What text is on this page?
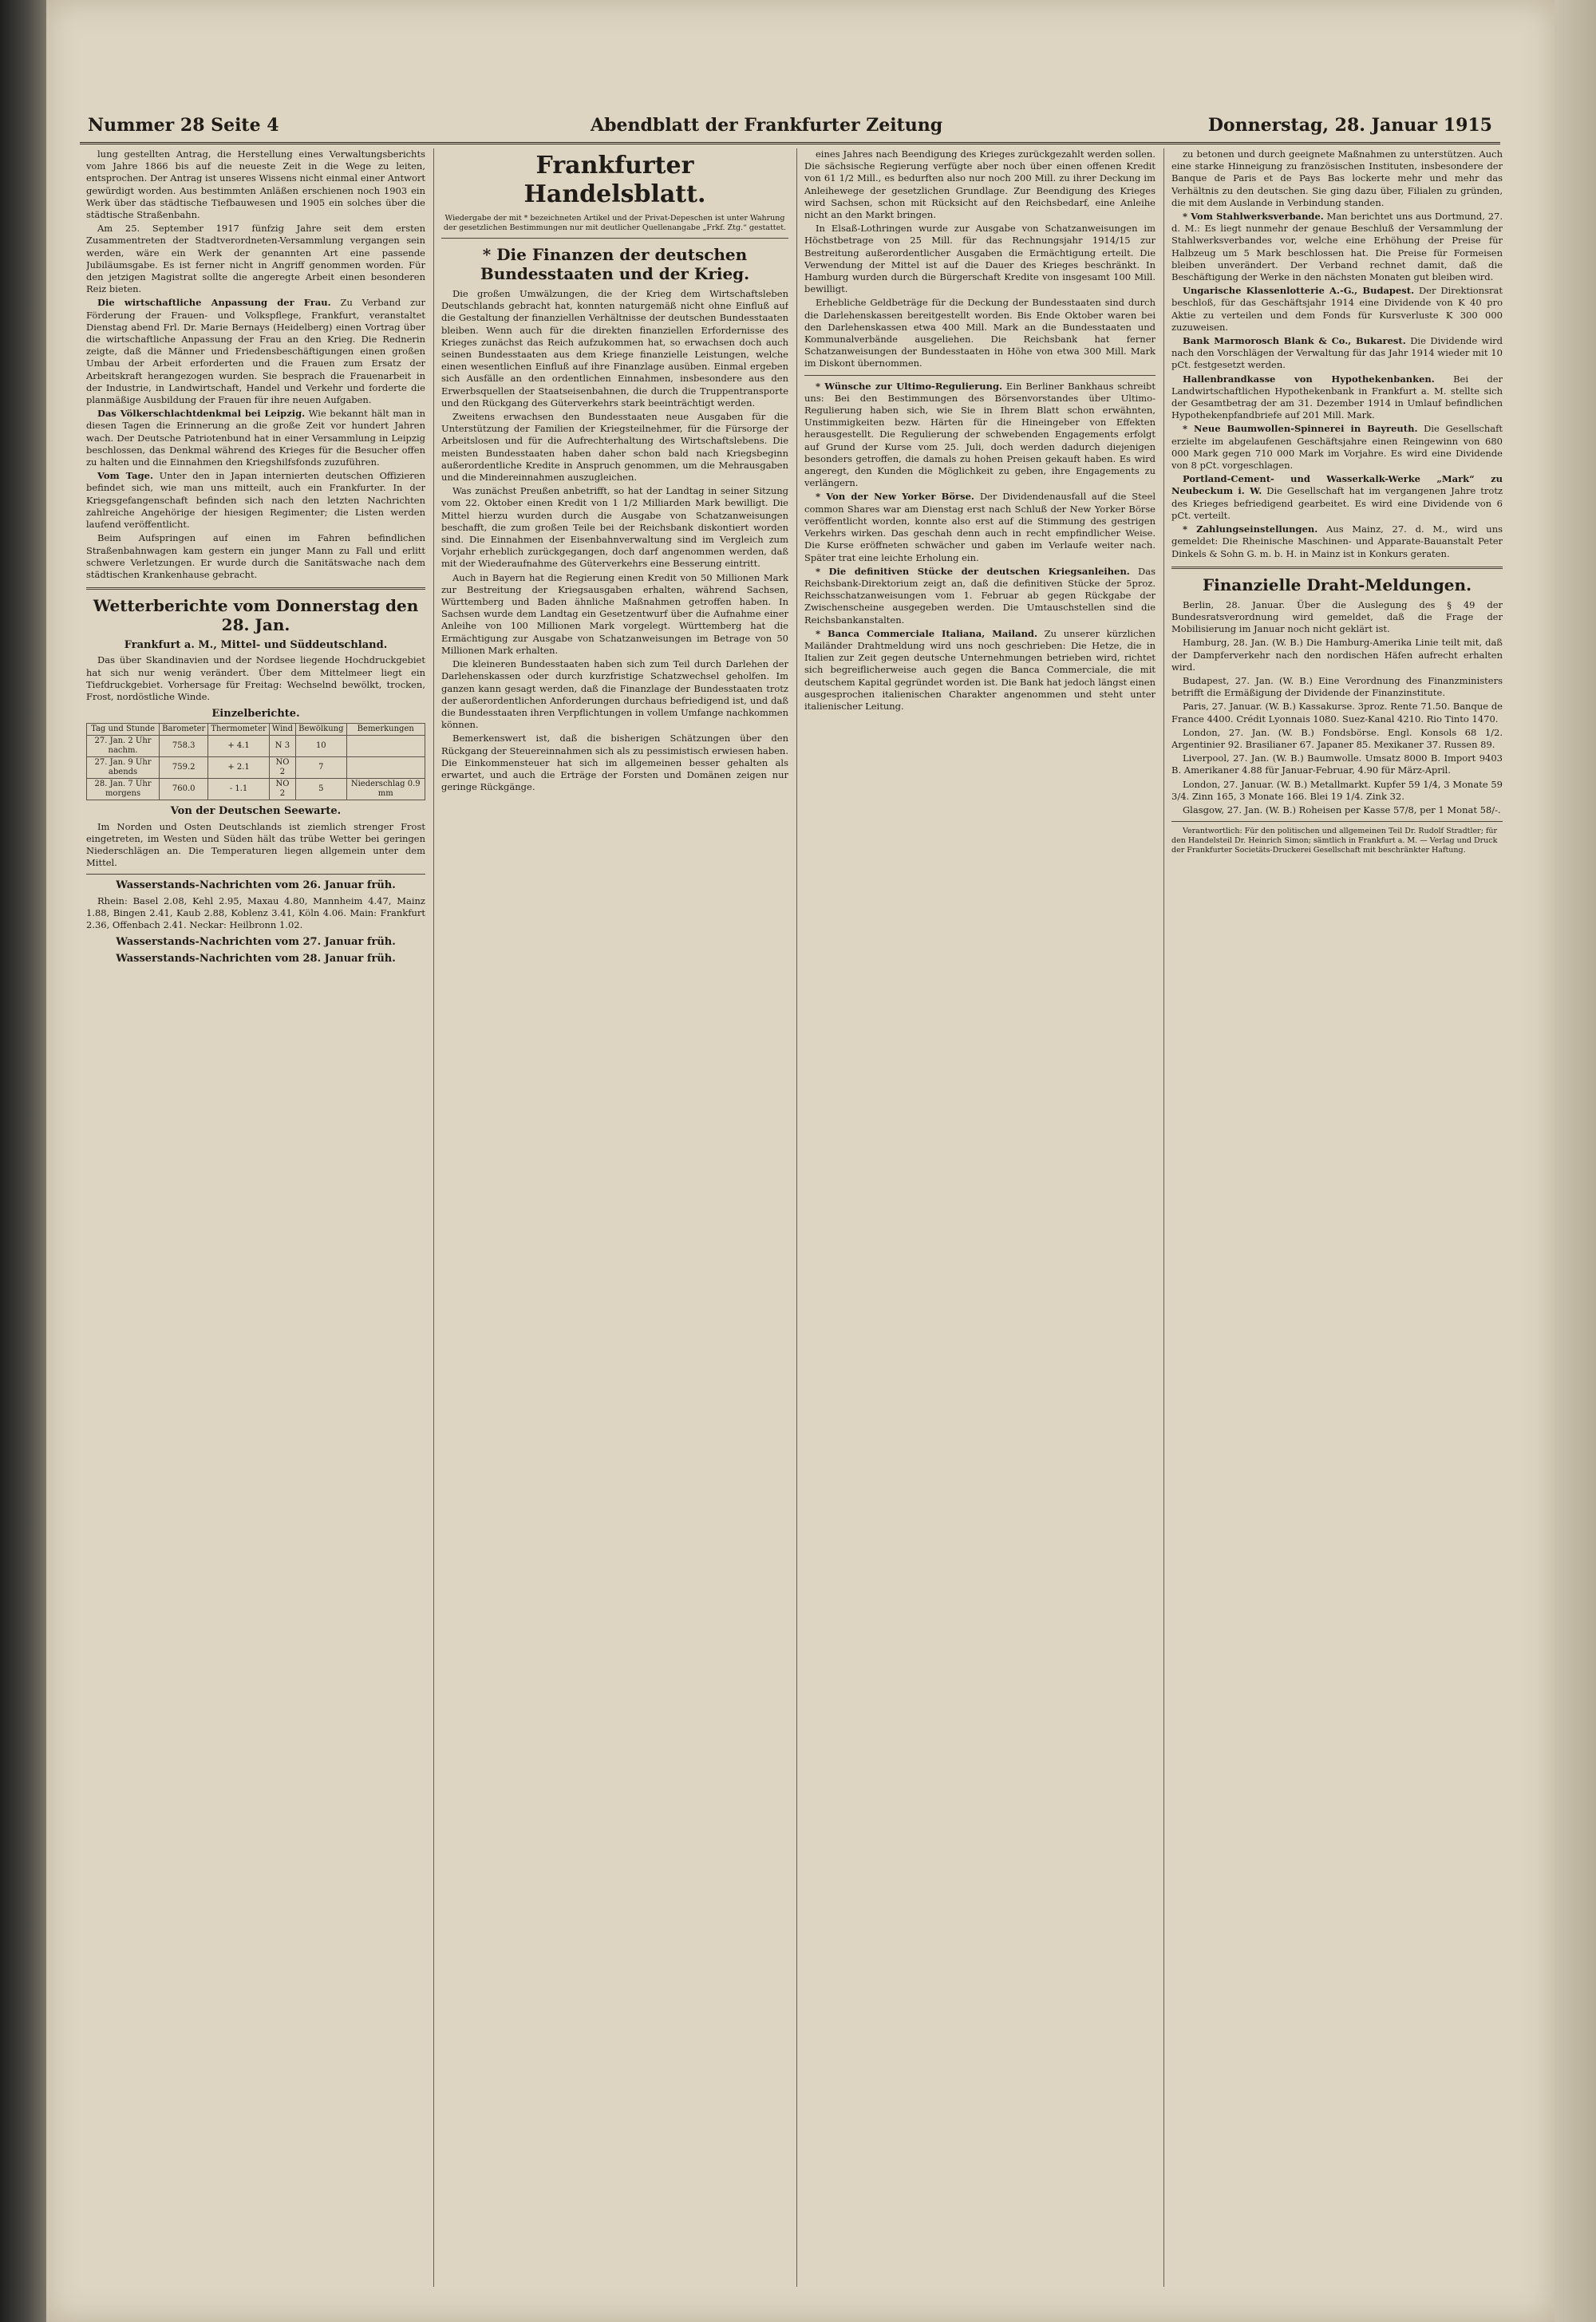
Nummer 28 Seite 4	Abendblatt der Frankfurter Zeitung	Donnerstag, 28. Januar 1915

lung gestellten Antrag, die Herstellung eines Verwaltungsberichts vom Jahre 1866 bis auf die neueste Zeit in die Wege zu leiten, entsprochen. Der Antrag ist unseres Wissens nicht einmal einer Antwort gewürdigt worden. Aus bestimmten Anläßen erschienen noch 1903 ein Werk über das städtische Tiefbauwesen und 1905 ein solches über die städtische Straßenbahn.

Am 25. September 1917 fünfzig Jahre seit dem ersten Zusammentreten der Stadtverordneten-Versammlung vergangen sein werden, wäre ein Werk der genannten Art eine passende Jubiläumsgabe. Es ist ferner nicht in Angriff genommen worden. Für den jetzigen Magistrat sollte die angeregte Arbeit einen besonderen Reiz bieten.

Die wirtschaftliche Anpassung der Frau. Zu Verband zur Förderung der Frauen- und Volkspflege, Frankfurt, veranstaltet Dienstag abend Frl. Dr. Marie Bernays (Heidelberg) einen Vortrag über die wirtschaftliche Anpassung der Frau an den Krieg. Die Rednerin zeigte, daß die Männer und Friedensbeschäftigungen einen großen Umbau der Arbeit erforderten und die Frauen zum Ersatz der Arbeitskraft herangezogen wurden. Sie besprach die Frauenarbeit in der Industrie, in Landwirtschaft, Handel und Verkehr und forderte die planmäßige Ausbildung der Frauen für ihre neuen Aufgaben.

Das Völkerschlachtdenkmal bei Leipzig. Wie bekannt hält man in diesen Tagen die Erinnerung an die große Zeit vor hundert Jahren wach. Der Deutsche Patriotenbund hat in einer Versammlung in Leipzig beschlossen, das Denkmal während des Krieges für die Besucher offen zu halten und die Einnahmen den Kriegshilfsfonds zuzuführen.

Vom Tage. Unter den in Japan internierten deutschen Offizieren befindet sich, wie man uns mitteilt, auch ein Frankfurter. In der Kriegsgefangenschaft befinden sich nach den letzten Nachrichten zahlreiche Angehörige der hiesigen Regimenter; die Listen werden laufend veröffentlicht.

Beim Aufspringen auf einen im Fahren befindlichen Straßenbahnwagen kam gestern ein junger Mann zu Fall und erlitt schwere Verletzungen. Er wurde durch die Sanitätswache nach dem städtischen Krankenhause gebracht.

Wetterberichte vom Donnerstag den 28. Jan.
Frankfurt a. M., Mittel- und Süddeutschland.

Das über Skandinavien und der Nordsee liegende Hochdruckgebiet hat sich nur wenig verändert. Über dem Mittelmeer liegt ein Tiefdruckgebiet. Vorhersage für Freitag: Wechselnd bewölkt, trocken, Frost, nordöstliche Winde.

Einzelberichte.
Tag und Stunde	Barometer	Thermometer	Wind	Bewölkung	Bemerkungen
27. Jan. 2 Uhr nachm.	758.3	+ 4.1	N 3	10	
27. Jan. 9 Uhr abends	759.2	+ 2.1	NO 2	7	
28. Jan. 7 Uhr morgens	760.0	- 1.1	NO 2	5	Niederschlag 0.9 mm
Von der Deutschen Seewarte.

Im Norden und Osten Deutschlands ist ziemlich strenger Frost eingetreten, im Westen und Süden hält das trübe Wetter bei geringen Niederschlägen an. Die Temperaturen liegen allgemein unter dem Mittel.

Wasserstands-Nachrichten vom 26. Januar früh.

Rhein: Basel 2.08, Kehl 2.95, Maxau 4.80, Mannheim 4.47, Mainz 1.88, Bingen 2.41, Kaub 2.88, Koblenz 3.41, Köln 4.06. Main: Frankfurt 2.36, Offenbach 2.41. Neckar: Heilbronn 1.02.

Wasserstands-Nachrichten vom 27. Januar früh.
Wasserstands-Nachrichten vom 28. Januar früh.
Frankfurter Handelsblatt.
Wiedergabe der mit * bezeichneten Artikel und der Privat-Depeschen ist unter Wahrung der gesetzlichen Bestimmungen nur mit deutlicher Quellenangabe „Frkf. Ztg.“ gestattet.
* Die Finanzen der deutschen Bundesstaaten und der Krieg.

Die großen Umwälzungen, die der Krieg dem Wirtschaftsleben Deutschlands gebracht hat, konnten naturgemäß nicht ohne Einfluß auf die Gestaltung der finanziellen Verhältnisse der deutschen Bundesstaaten bleiben. Wenn auch für die direkten finanziellen Erfordernisse des Krieges zunächst das Reich aufzukommen hat, so erwachsen doch auch seinen Bundesstaaten aus dem Kriege finanzielle Leistungen, welche einen wesentlichen Einfluß auf ihre Finanzlage ausüben. Einmal ergeben sich Ausfälle an den ordentlichen Einnahmen, insbesondere aus den Erwerbsquellen der Staatseisenbahnen, die durch die Truppentransporte und den Rückgang des Güterverkehrs stark beeinträchtigt werden.

Zweitens erwachsen den Bundesstaaten neue Ausgaben für die Unterstützung der Familien der Kriegsteilnehmer, für die Fürsorge der Arbeitslosen und für die Aufrechterhaltung des Wirtschaftslebens. Die meisten Bundesstaaten haben daher schon bald nach Kriegsbeginn außerordentliche Kredite in Anspruch genommen, um die Mehrausgaben und die Mindereinnahmen auszugleichen.

Was zunächst Preußen anbetrifft, so hat der Landtag in seiner Sitzung vom 22. Oktober einen Kredit von 1 1/2 Milliarden Mark bewilligt. Die Mittel hierzu wurden durch die Ausgabe von Schatzanweisungen beschafft, die zum großen Teile bei der Reichsbank diskontiert worden sind. Die Einnahmen der Eisenbahnverwaltung sind im Vergleich zum Vorjahr erheblich zurückgegangen, doch darf angenommen werden, daß mit der Wiederaufnahme des Güterverkehrs eine Besserung eintritt.

Auch in Bayern hat die Regierung einen Kredit von 50 Millionen Mark zur Bestreitung der Kriegsausgaben erhalten, während Sachsen, Württemberg und Baden ähnliche Maßnahmen getroffen haben. In Sachsen wurde dem Landtag ein Gesetzentwurf über die Aufnahme einer Anleihe von 100 Millionen Mark vorgelegt. Württemberg hat die Ermächtigung zur Ausgabe von Schatzanweisungen im Betrage von 50 Millionen Mark erhalten.

Die kleineren Bundesstaaten haben sich zum Teil durch Darlehen der Darlehenskassen oder durch kurzfristige Schatzwechsel geholfen. Im ganzen kann gesagt werden, daß die Finanzlage der Bundesstaaten trotz der außerordentlichen Anforderungen durchaus befriedigend ist, und daß die Bundesstaaten ihren Verpflichtungen in vollem Umfange nachkommen können.

Bemerkenswert ist, daß die bisherigen Schätzungen über den Rückgang der Steuereinnahmen sich als zu pessimistisch erwiesen haben. Die Einkommensteuer hat sich im allgemeinen besser gehalten als erwartet, und auch die Erträge der Forsten und Domänen zeigen nur geringe Rückgänge.

eines Jahres nach Beendigung des Krieges zurückgezahlt werden sollen. Die sächsische Regierung verfügte aber noch über einen offenen Kredit von 61 1/2 Mill., es bedurften also nur noch 200 Mill. zu ihrer Deckung im Anleihewege der gesetzlichen Grundlage. Zur Beendigung des Krieges wird Sachsen, schon mit Rücksicht auf den Reichsbedarf, eine Anleihe nicht an den Markt bringen.

In Elsaß-Lothringen wurde zur Ausgabe von Schatzanweisungen im Höchstbetrage von 25 Mill. für das Rechnungsjahr 1914/15 zur Bestreitung außerordentlicher Ausgaben die Ermächtigung erteilt. Die Verwendung der Mittel ist auf die Dauer des Krieges beschränkt. In Hamburg wurden durch die Bürgerschaft Kredite von insgesamt 100 Mill. bewilligt.

Erhebliche Geldbeträge für die Deckung der Bundesstaaten sind durch die Darlehenskassen bereitgestellt worden. Bis Ende Oktober waren bei den Darlehenskassen etwa 400 Mill. Mark an die Bundesstaaten und Kommunalverbände ausgeliehen. Die Reichsbank hat ferner Schatzanweisungen der Bundesstaaten in Höhe von etwa 300 Mill. Mark im Diskont übernommen.

* Wünsche zur Ultimo-Regulierung. Ein Berliner Bankhaus schreibt uns: Bei den Bestimmungen des Börsenvorstandes über Ultimo-Regulierung haben sich, wie Sie in Ihrem Blatt schon erwähnten, Unstimmigkeiten bezw. Härten für die Hineingeber von Effekten herausgestellt. Die Regulierung der schwebenden Engagements erfolgt auf Grund der Kurse vom 25. Juli, doch werden dadurch diejenigen besonders getroffen, die damals zu hohen Preisen gekauft haben. Es wird angeregt, den Kunden die Möglichkeit zu geben, ihre Engagements zu verlängern.

* Von der New Yorker Börse. Der Dividendenausfall auf die Steel common Shares war am Dienstag erst nach Schluß der New Yorker Börse veröffentlicht worden, konnte also erst auf die Stimmung des gestrigen Verkehrs wirken. Das geschah denn auch in recht empfindlicher Weise. Die Kurse eröffneten schwächer und gaben im Verlaufe weiter nach. Später trat eine leichte Erholung ein.

* Die definitiven Stücke der deutschen Kriegsanleihen. Das Reichsbank-Direktorium zeigt an, daß die definitiven Stücke der 5proz. Reichsschatzanweisungen vom 1. Februar ab gegen Rückgabe der Zwischenscheine ausgegeben werden. Die Umtauschstellen sind die Reichsbankanstalten.

* Banca Commerciale Italiana, Mailand. Zu unserer kürzlichen Mailänder Drahtmeldung wird uns noch geschrieben: Die Hetze, die in Italien zur Zeit gegen deutsche Unternehmungen betrieben wird, richtet sich begreiflicherweise auch gegen die Banca Commerciale, die mit deutschem Kapital gegründet worden ist. Die Bank hat jedoch längst einen ausgesprochen italienischen Charakter angenommen und steht unter italienischer Leitung.

zu betonen und durch geeignete Maßnahmen zu unterstützen. Auch eine starke Hinneigung zu französischen Instituten, insbesondere der Banque de Paris et de Pays Bas lockerte mehr und mehr das Verhältnis zu den deutschen. Sie ging dazu über, Filialen zu gründen, die mit dem Auslande in Verbindung standen.

* Vom Stahlwerksverbande. Man berichtet uns aus Dortmund, 27. d. M.: Es liegt nunmehr der genaue Beschluß der Versammlung der Stahlwerksverbandes vor, welche eine Erhöhung der Preise für Halbzeug um 5 Mark beschlossen hat. Die Preise für Formeisen bleiben unverändert. Der Verband rechnet damit, daß die Beschäftigung der Werke in den nächsten Monaten gut bleiben wird.

Ungarische Klassenlotterie A.-G., Budapest. Der Direktionsrat beschloß, für das Geschäftsjahr 1914 eine Dividende von K 40 pro Aktie zu verteilen und dem Fonds für Kursverluste K 300 000 zuzuweisen.

Bank Marmorosch Blank & Co., Bukarest. Die Dividende wird nach den Vorschlägen der Verwaltung für das Jahr 1914 wieder mit 10 pCt. festgesetzt werden.

Hallenbrandkasse von Hypothekenbanken. Bei der Landwirtschaftlichen Hypothekenbank in Frankfurt a. M. stellte sich der Gesamtbetrag der am 31. Dezember 1914 in Umlauf befindlichen Hypothekenpfandbriefe auf 201 Mill. Mark.

* Neue Baumwollen-Spinnerei in Bayreuth. Die Gesellschaft erzielte im abgelaufenen Geschäftsjahre einen Reingewinn von 680 000 Mark gegen 710 000 Mark im Vorjahre. Es wird eine Dividende von 8 pCt. vorgeschlagen.

Portland-Cement- und Wasserkalk-Werke „Mark“ zu Neubeckum i. W. Die Gesellschaft hat im vergangenen Jahre trotz des Krieges befriedigend gearbeitet. Es wird eine Dividende von 6 pCt. verteilt.

* Zahlungseinstellungen. Aus Mainz, 27. d. M., wird uns gemeldet: Die Rheinische Maschinen- und Apparate-Bauanstalt Peter Dinkels & Sohn G. m. b. H. in Mainz ist in Konkurs geraten.

Finanzielle Draht-Meldungen.

Berlin, 28. Januar. Über die Auslegung des § 49 der Bundesratsverordnung wird gemeldet, daß die Frage der Mobilisierung im Januar noch nicht geklärt ist.

Hamburg, 28. Jan. (W. B.) Die Hamburg-Amerika Linie teilt mit, daß der Dampferverkehr nach den nordischen Häfen aufrecht erhalten wird.

Budapest, 27. Jan. (W. B.) Eine Verordnung des Finanzministers betrifft die Ermäßigung der Dividende der Finanzinstitute.

Paris, 27. Januar. (W. B.) Kassakurse. 3proz. Rente 71.50. Banque de France 4400. Crédit Lyonnais 1080. Suez-Kanal 4210. Rio Tinto 1470.

London, 27. Jan. (W. B.) Fondsbörse. Engl. Konsols 68 1/2. Argentinier 92. Brasilianer 67. Japaner 85. Mexikaner 37. Russen 89.

Liverpool, 27. Jan. (W. B.) Baumwolle. Umsatz 8000 B. Import 9403 B. Amerikaner 4.88 für Januar-Februar, 4.90 für März-April.

London, 27. Januar. (W. B.) Metallmarkt. Kupfer 59 1/4, 3 Monate 59 3/4. Zinn 165, 3 Monate 166. Blei 19 1/4. Zink 32.

Glasgow, 27. Jan. (W. B.) Roheisen per Kasse 57/8, per 1 Monat 58/-.

Verantwortlich: Für den politischen und allgemeinen Teil Dr. Rudolf Stradtler; für den Handelsteil Dr. Heinrich Simon; sämtlich in Frankfurt a. M. — Verlag und Druck der Frankfurter Societäts-Druckerei Gesellschaft mit beschränkter Haftung.
